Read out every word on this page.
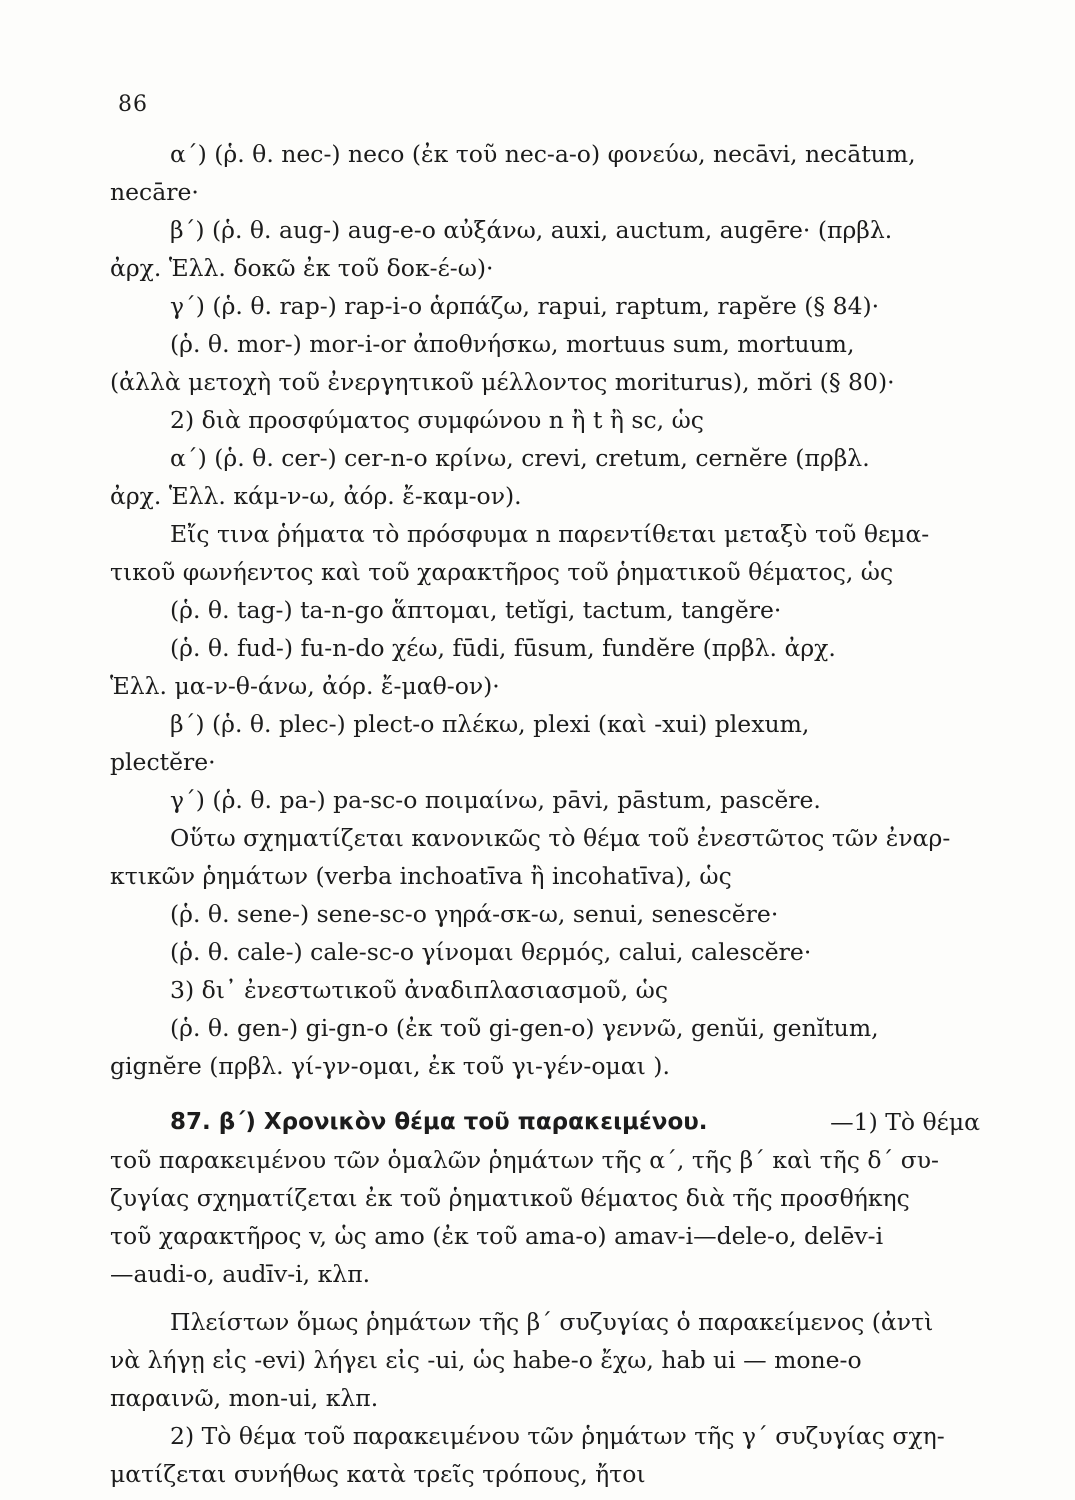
86
α΄) (ῥ. θ. nec-) neco (ἐκ τοῦ nec-a-o) φονεύω, necāvi, necātum,
necāre·
β΄) (ῥ. θ. aug-) aug-e-o αὐξάνω, auxi, auctum, augēre· (πρβλ.
ἀρχ. Ἑλλ. δοκῶ ἐκ τοῦ δοκ-έ-ω)·
γ΄) (ῥ. θ. rap-) rap-i-o ἁρπάζω, rapui, raptum, rapĕre (§ 84)·
(ῥ. θ. mor-) mor-i-or ἀποθνήσκω, mortuus sum, mortuum,
(ἀλλὰ μετοχὴ τοῦ ἐνεργητικοῦ μέλλοντος moriturus), mŏri (§ 80)·
2) διὰ προσφύματος συμφώνου n ἢ t ἢ sc, ὡς
α΄) (ῥ. θ. cer-) cer-n-o κρίνω, crevi, cretum, cernĕre (πρβλ.
ἀρχ. Ἑλλ. κάμ-ν-ω, ἀόρ. ἔ-καμ-ον).
Εἴς τινα ῥήματα τὸ πρόσφυμα n παρεντίθεται μεταξὺ τοῦ θεμα-
τικοῦ φωνήεντος καὶ τοῦ χαρακτῆρος τοῦ ῥηματικοῦ θέματος, ὡς
(ῥ. θ. tag-) ta-n-go ἅπτομαι, tetĭgi, tactum, tangĕre·
(ῥ. θ. fud-) fu-n-do χέω, fūdi, fūsum, fundĕre (πρβλ. ἀρχ.
Ἑλλ. μα-ν-θ-άνω, ἀόρ. ἔ-μαθ-ον)·
β΄) (ῥ. θ. plec-) plect-o πλέκω, plexi (καὶ -xui) plexum,
plectĕre·
γ΄) (ῥ. θ. pa-) pa-sc-o ποιμαίνω, pāvi, pāstum, pascĕre.
Οὕτω σχηματίζεται κανονικῶς τὸ θέμα τοῦ ἐνεστῶτος τῶν ἐναρ-
κτικῶν ῥημάτων (verba inchoatīva ἢ incohatīva), ὡς
(ῥ. θ. sene-) sene-sc-o γηρά-σκ-ω, senui, senescĕre·
(ῥ. θ. cale-) cale-sc-o γίνομαι θερμός, calui, calescĕre·
3) δι᾿ ἐνεστωτικοῦ ἀναδιπλασιασμοῦ, ὡς
(ῥ. θ. gen-) gi-gn-o (ἐκ τοῦ gi-gen-o) γεννῶ, genŭi, genĭtum,
gignĕre (πρβλ. γί-γν-ομαι, ἐκ τοῦ γι-γέν-ομαι ).
87. β΄) Χρονικὸν θέμα τοῦ παρακειμένου.	—1) Τὸ θέμα
τοῦ παρακειμένου τῶν ὁμαλῶν ῥημάτων τῆς α΄, τῆς β΄ καὶ τῆς δ΄ συ-
ζυγίας σχηματίζεται ἐκ τοῦ ῥηματικοῦ θέματος διὰ τῆς προσθήκης
τοῦ χαρακτῆρος v, ὡς amo (ἐκ τοῦ ama-o) amav-i—dele-o, delēv-i
—audi-o, audīv-i, κλπ.
Πλείστων ὅμως ῥημάτων τῆς β΄ συζυγίας ὁ παρακείμενος (ἀντὶ
νὰ λήγῃ εἰς -evi) λήγει εἰς -ui, ὡς habe-o ἔχω, hab ui — mone-o
παραινῶ, mon-ui, κλπ.
2) Τὸ θέμα τοῦ παρακειμένου τῶν ῥημάτων τῆς γ΄ συζυγίας σχη-
ματίζεται συνήθως κατὰ τρεῖς τρόπους, ἤτοι
